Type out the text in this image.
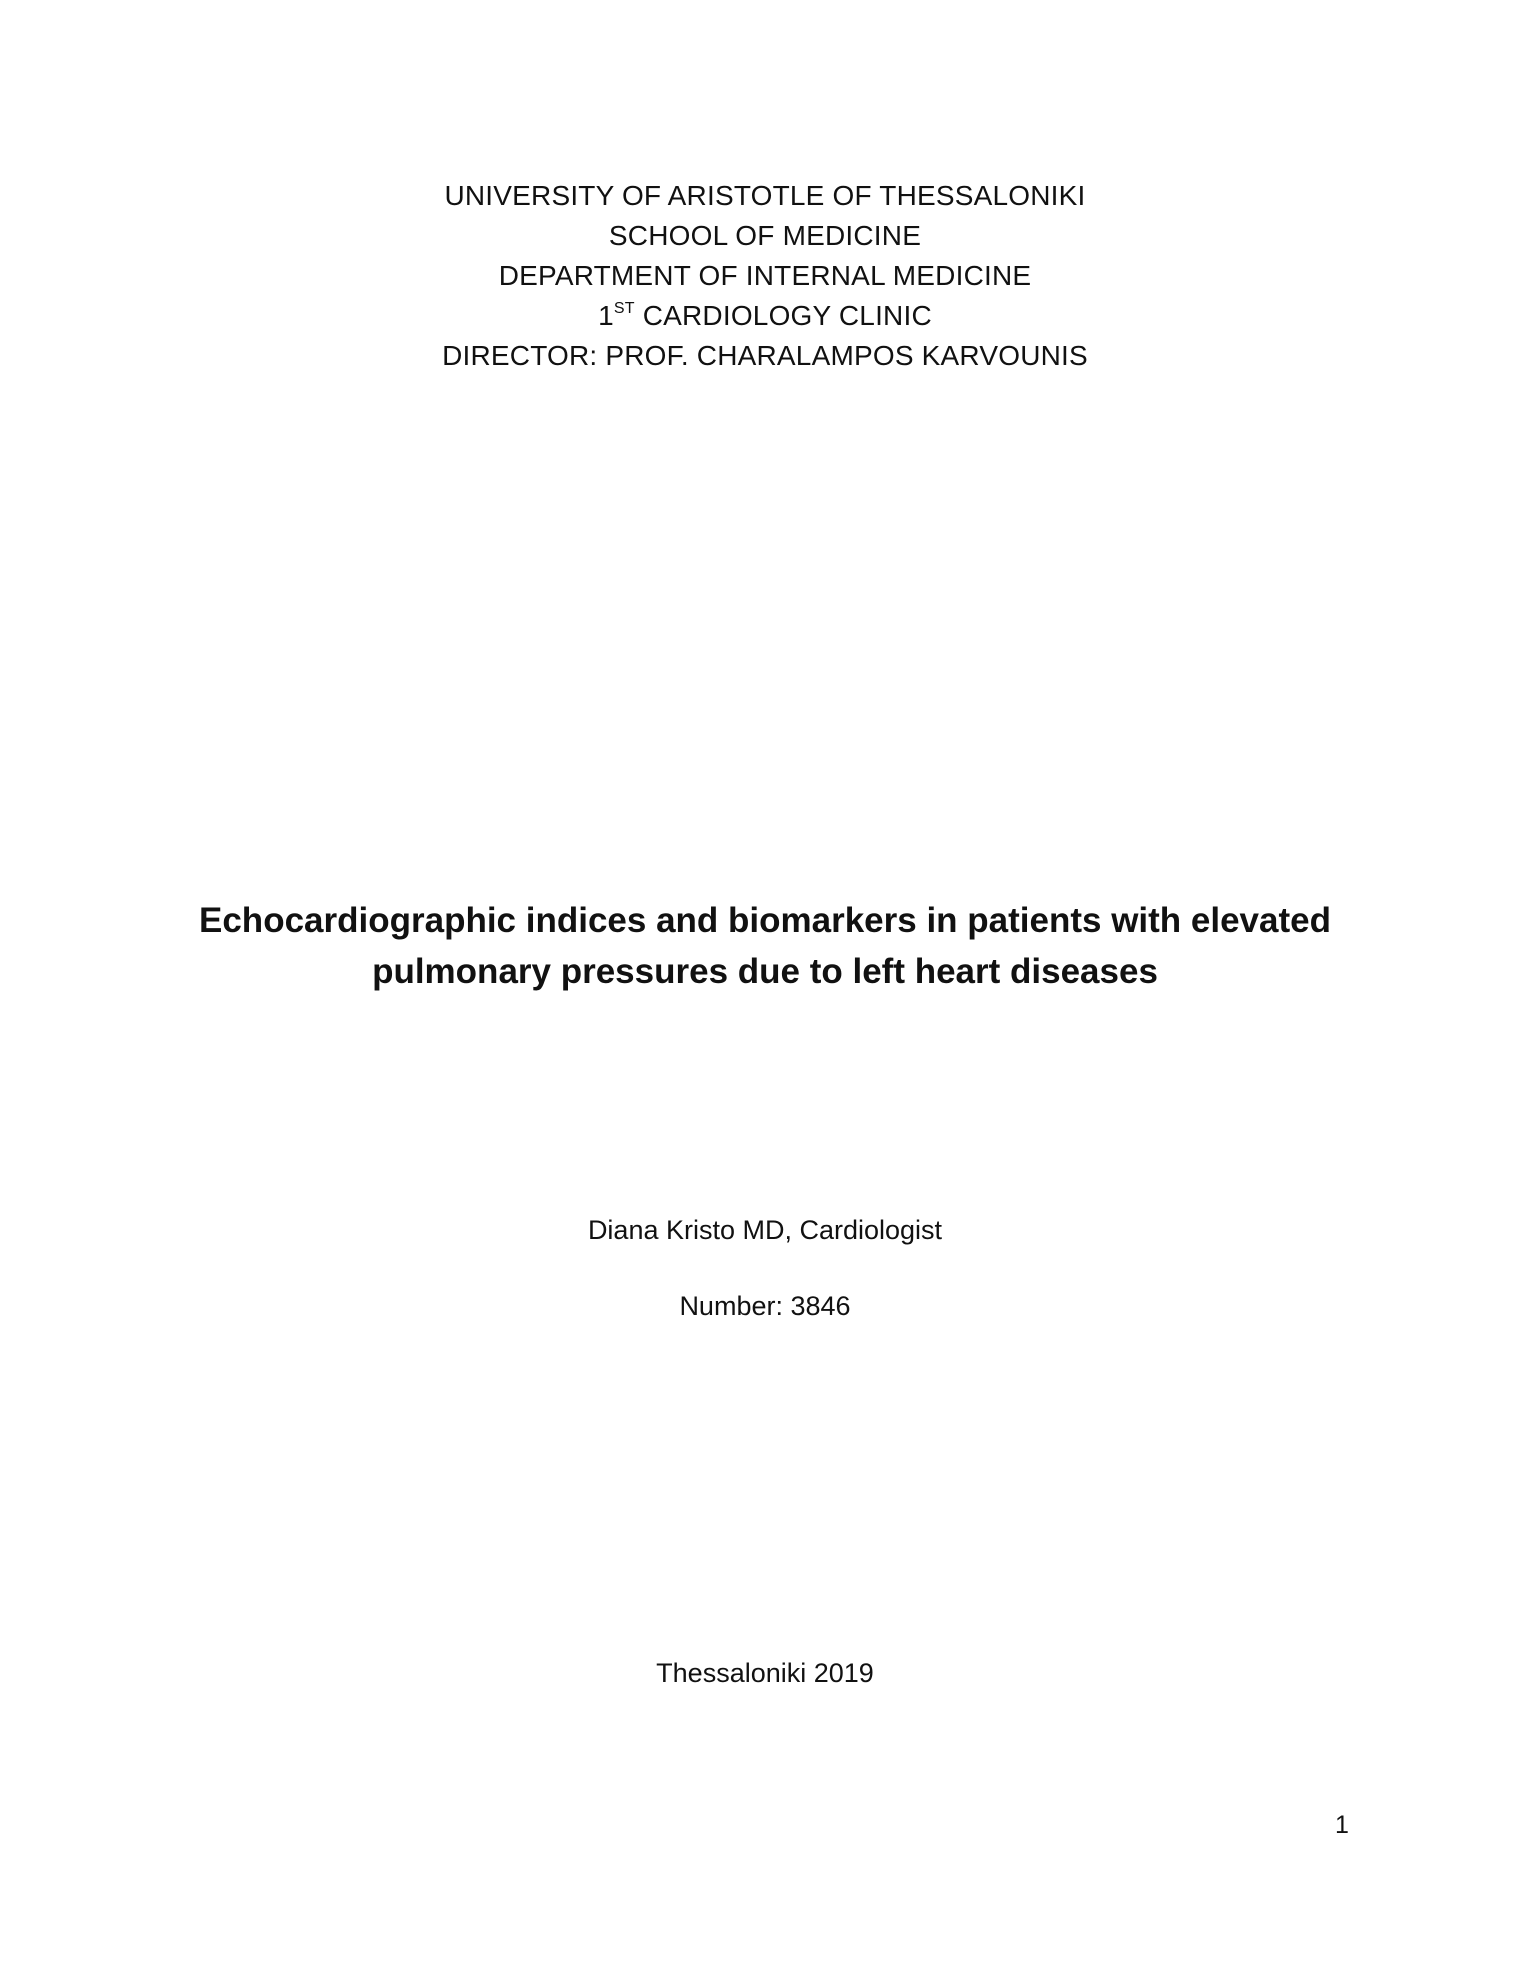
UNIVERSITY OF ARISTOTLE OF THESSALONIKI
SCHOOL OF MEDICINE
DEPARTMENT OF INTERNAL MEDICINE
1ST CARDIOLOGY CLINIC
DIRECTOR: PROF. CHARALAMPOS KARVOUNIS
Echocardiographic indices and biomarkers in patients with elevated
pulmonary pressures due to left heart diseases
Diana Kristo MD, Cardiologist
Number: 3846
Thessaloniki 2019
1
